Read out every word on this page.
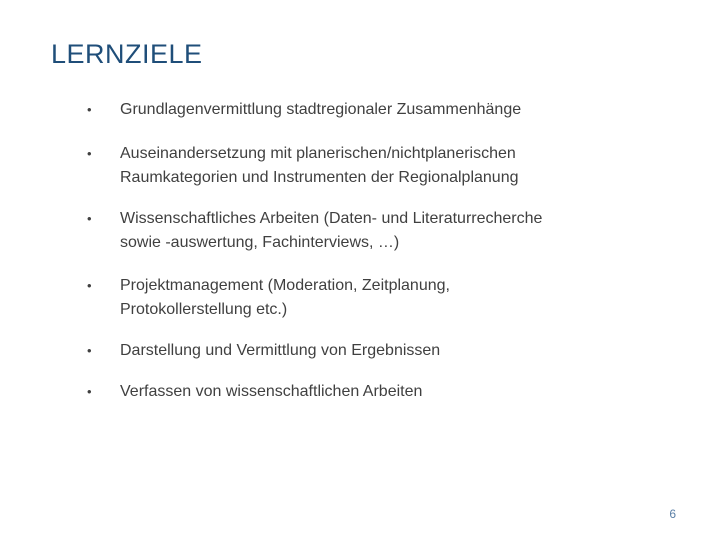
LERNZIELE
• Grundlagenvermittlung stadtregionaler Zusammenhänge
• Auseinandersetzung mit planerischen/nichtplanerischen
Raumkategorien und Instrumenten der Regionalplanung
• Wissenschaftliches Arbeiten (Daten- und Literaturrecherche
sowie -auswertung, Fachinterviews, …)
• Projektmanagement (Moderation, Zeitplanung,
Protokollerstellung etc.)
• Darstellung und Vermittlung von Ergebnissen
• Verfassen von wissenschaftlichen Arbeiten
6
